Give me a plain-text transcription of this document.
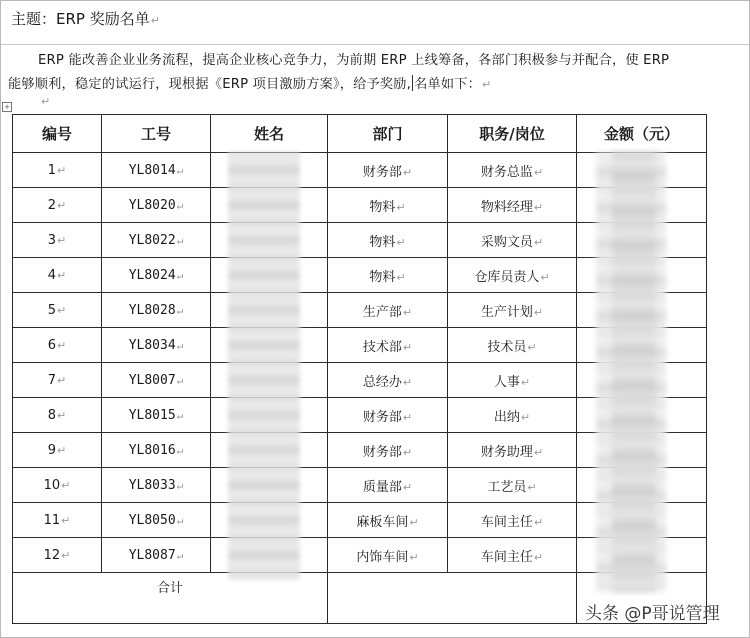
主题：ERP 奖励名单↵
ERP 能改善企业业务流程，提高企业核心竞争力，为前期 ERP 上线筹备，各部门积极参与并配合，使 ERP
能够顺利，稳定的试运行，现根据《ERP 项目激励方案》，给予奖励, 名单如下：↵
+	↵
编号	工号	姓名	部门	职务/岗位	金额（元）
1↵	YL8014↵		财务部↵	财务总监↵	
2↵	YL8020↵		物料↵	物料经理↵	
3↵	YL8022↵		物料↵	采购文员↵	
4↵	YL8024↵		物料↵	仓库员责人↵	
5↵	YL8028↵		生产部↵	生产计划↵	
6↵	YL8034↵		技术部↵	技术员↵	
7↵	YL8007↵		总经办↵	人事↵	
8↵	YL8015↵		财务部↵	出纳↵	
9↵	YL8016↵		财务部↵	财务助理↵	
10↵	YL8033↵		质量部↵	工艺员↵	
11↵	YL8050↵		麻板车间↵	车间主任↵	
12↵	YL8087↵		内饰车间↵	车间主任↵	
合计					
头条 @P哥说管理
